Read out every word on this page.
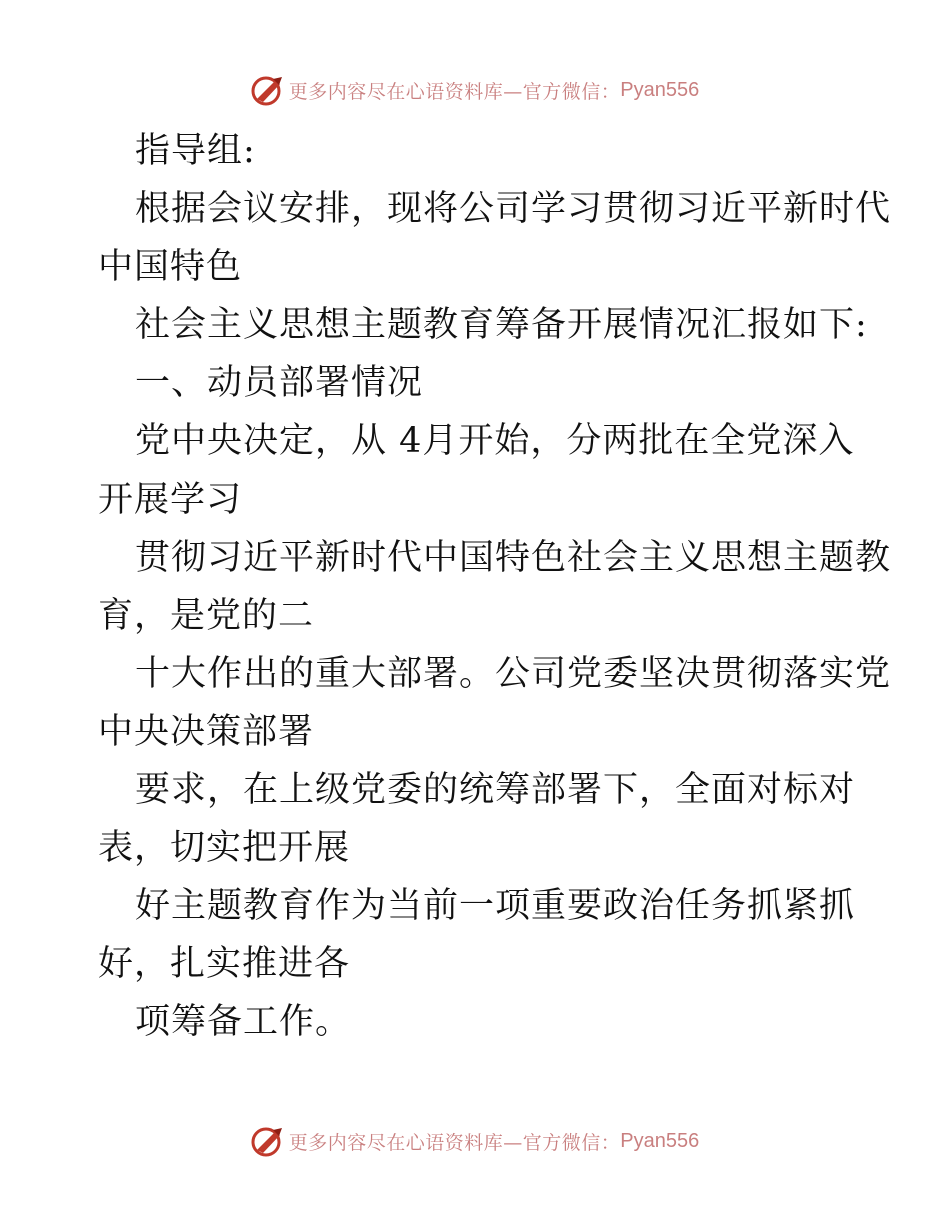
更多内容尽在心语资料库—官方微信： Pyan556
指导组:
根据会议安排，现将公司学习贯彻习近平新时代
中国特色
社会主义思想主题教育筹备开展情况汇报如下:
一、动员部署情况
党中央决定，从 4月开始，分两批在全党深入
开展学习
贯彻习近平新时代中国特色社会主义思想主题教
育，是党的二
十大作出的重大部署。公司党委坚决贯彻落实党
中央决策部署
要求，在上级党委的统筹部署下，全面对标对
表，切实把开展
好主题教育作为当前一项重要政治任务抓紧抓
好，扎实推进各
项筹备工作。
更多内容尽在心语资料库—官方微信： Pyan556
